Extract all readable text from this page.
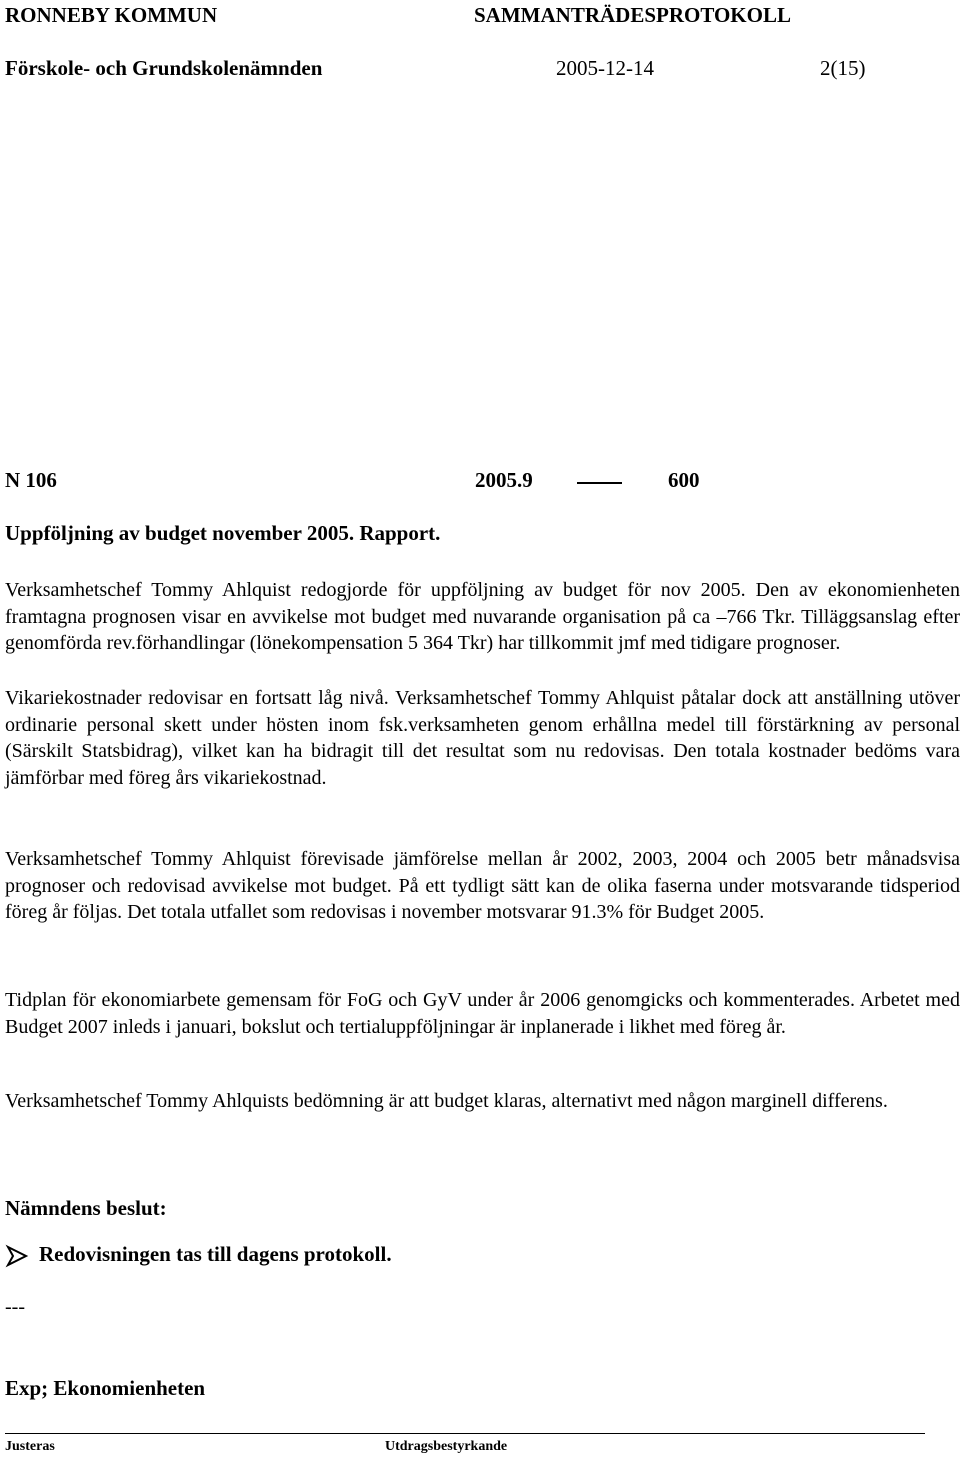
RONNEBY KOMMUN	SAMMANTRÄDESPROTOKOLL
Förskole- och Grundskolenämnden	2005-12-14	2(15)
N 106	2005.9	600
Uppföljning av budget november 2005. Rapport.
Verksamhetschef Tommy Ahlquist redogjorde för uppföljning av budget för nov 2005. Den av ekonomienheten framtagna prognosen visar en avvikelse mot budget med nuvarande organisation på ca –766 Tkr. Tilläggsanslag efter genomförda rev.förhandlingar (lönekompensation 5 364 Tkr) har tillkommit jmf med tidigare prognoser.
Vikariekostnader redovisar en fortsatt låg nivå. Verksamhetschef Tommy Ahlquist påtalar dock att anställning utöver ordinarie personal skett under hösten inom fsk.verksamheten genom erhållna medel till förstärkning av personal (Särskilt Statsbidrag), vilket kan ha bidragit till det resultat som nu redovisas. Den totala kostnader bedöms vara jämförbar med föreg års vikariekostnad.
Verksamhetschef Tommy Ahlquist förevisade jämförelse mellan år 2002, 2003, 2004 och 2005 betr månadsvisa prognoser och redovisad avvikelse mot budget. På ett tydligt sätt kan de olika faserna under motsvarande tidsperiod föreg år följas. Det totala utfallet som redovisas i november motsvarar 91.3% för Budget 2005.
Tidplan för ekonomiarbete gemensam för FoG och GyV under år 2006 genomgicks och kommenterades. Arbetet med Budget 2007 inleds i januari, bokslut och tertialuppföljningar är inplanerade i likhet med föreg år.
Verksamhetschef Tommy Ahlquists bedömning är att budget klaras, alternativt med någon marginell differens.
Nämndens beslut:
Redovisningen tas till dagens protokoll.
---
Exp; Ekonomienheten
Justeras	Utdragsbestyrkande
